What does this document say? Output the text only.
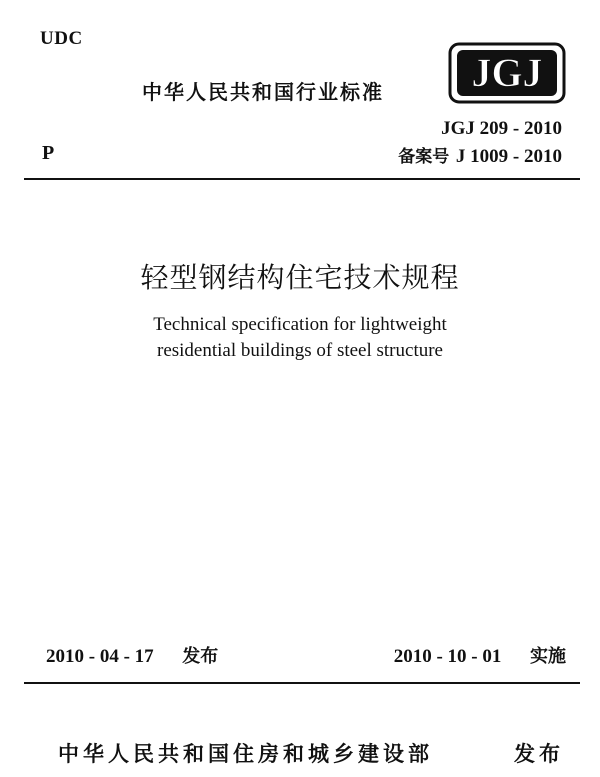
UDC
中华人民共和国行业标准 JGJ
JGJ 209 - 2010
P	备案号 J 1009 - 2010
轻型钢结构住宅技术规程
Technical specification for lightweight
residential buildings of steel structure
2010 - 04 - 17 发布	2010 - 10 - 01 实施
中华人民共和国住房和城乡建设部	发布
